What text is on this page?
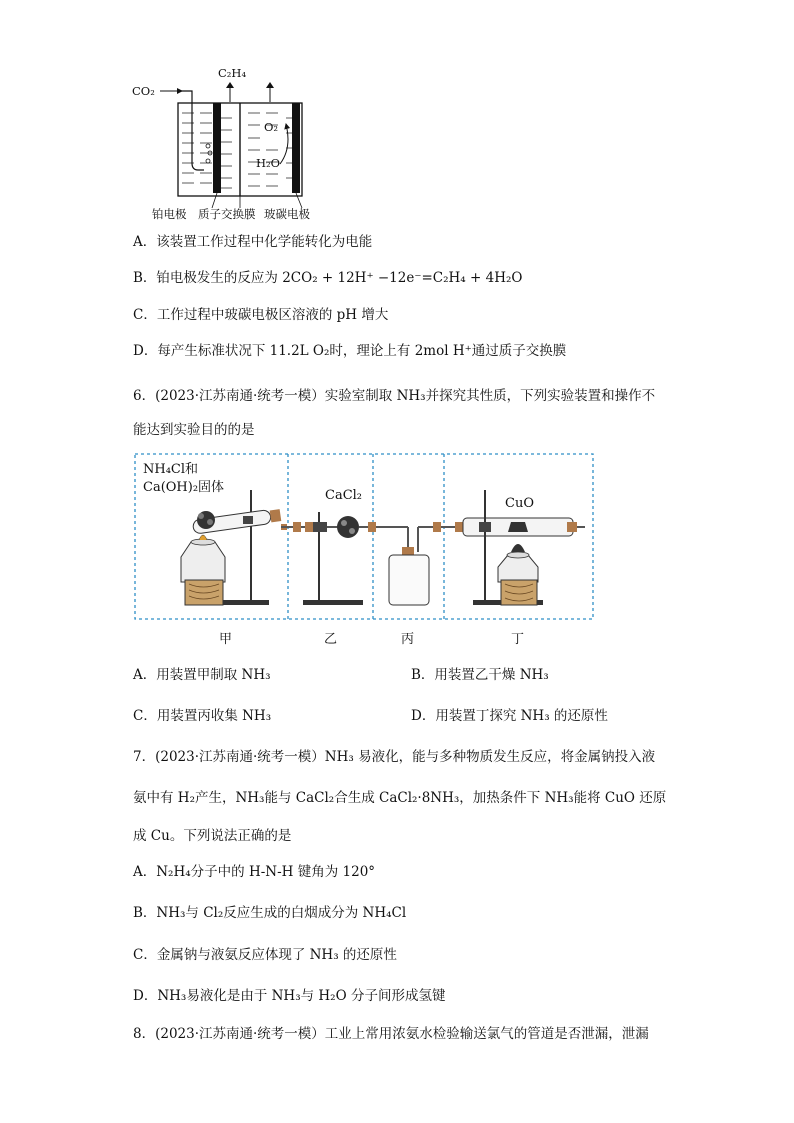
CO₂
C₂H₄
O₂
H₂O
铂电极 质子交换膜 玻碳电极
A．该装置工作过程中化学能转化为电能
B．铂电极发生的反应为 2CO₂ + 12H⁺ −12e⁻=C₂H₄ + 4H₂O
C．工作过程中玻碳电极区溶液的 pH 增大
D．每产生标准状况下 11.2L O₂时，理论上有 2mol H⁺通过质子交换膜
6．(2023·江苏南通·统考一模）实验室制取 NH₃并探究其性质，下列实验装置和操作不
能达到实验目的的是
NH₄Cl和
Ca(OH)₂固体
CaCl₂
CuO
甲	乙	丙	丁
A．用装置甲制取 NH₃	B．用装置乙干燥 NH₃
C．用装置丙收集 NH₃	D．用装置丁探究 NH₃ 的还原性
7．(2023·江苏南通·统考一模）NH₃ 易液化，能与多种物质发生反应，将金属钠投入液
氨中有 H₂产生，NH₃能与 CaCl₂合生成 CaCl₂·8NH₃，加热条件下 NH₃能将 CuO 还原
成 Cu。下列说法正确的是
A．N₂H₄分子中的 H-N-H 键角为 120°
B．NH₃与 Cl₂反应生成的白烟成分为 NH₄Cl
C．金属钠与液氨反应体现了 NH₃ 的还原性
D．NH₃易液化是由于 NH₃与 H₂O 分子间形成氢键
8．(2023·江苏南通·统考一模）工业上常用浓氨水检验输送氯气的管道是否泄漏，泄漏
